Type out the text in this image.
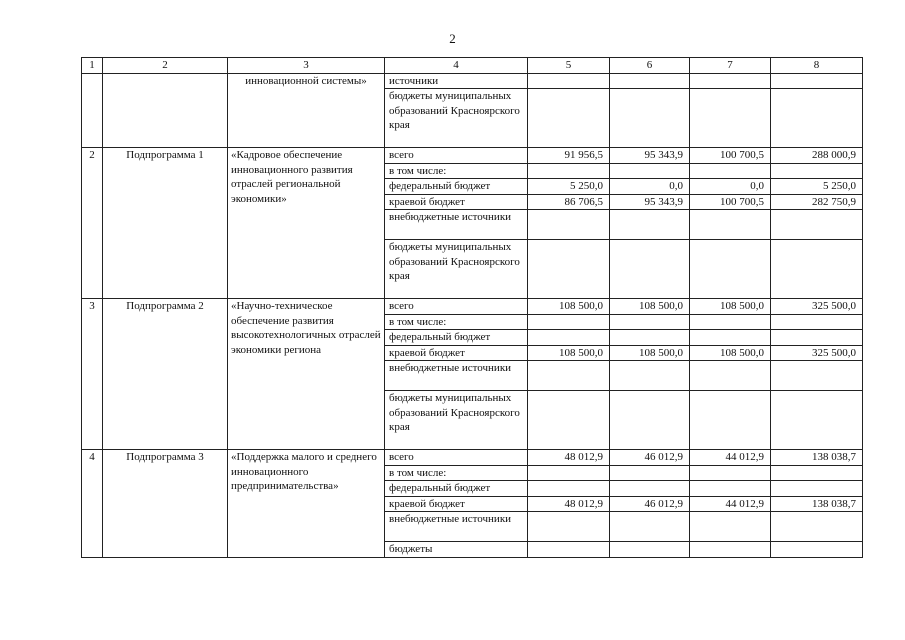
2
1	2	3	4	5	6	7	8
		инновационной системы»	источники				
			бюджеты муниципальных образований Красноярского края				
2	Подпрограмма 1	«Кадровое обеспечение инновационного развития отраслей региональной экономики»	всего	91 956,5	95 343,9	100 700,5	288 000,9
			в том числе:				
			федеральный бюджет	5 250,0	0,0	0,0	5 250,0
			краевой бюджет	86 706,5	95 343,9	100 700,5	282 750,9
			внебюджетные источники				
			бюджеты муниципальных образований Красноярского края				
3	Подпрограмма 2	«Научно-техническое обеспечение развития высокотехнологичных отраслей экономики региона	всего	108 500,0	108 500,0	108 500,0	325 500,0
			в том числе:				
			федеральный бюджет				
			краевой бюджет	108 500,0	108 500,0	108 500,0	325 500,0
			внебюджетные источники				
			бюджеты муниципальных образований Красноярского края				
4	Подпрограмма 3	«Поддержка малого и среднего инновационного предпринимательства»	всего	48 012,9	46 012,9	44 012,9	138 038,7
			в том числе:				
			федеральный бюджет				
			краевой бюджет	48 012,9	46 012,9	44 012,9	138 038,7
			внебюджетные источники				
			бюджеты				
